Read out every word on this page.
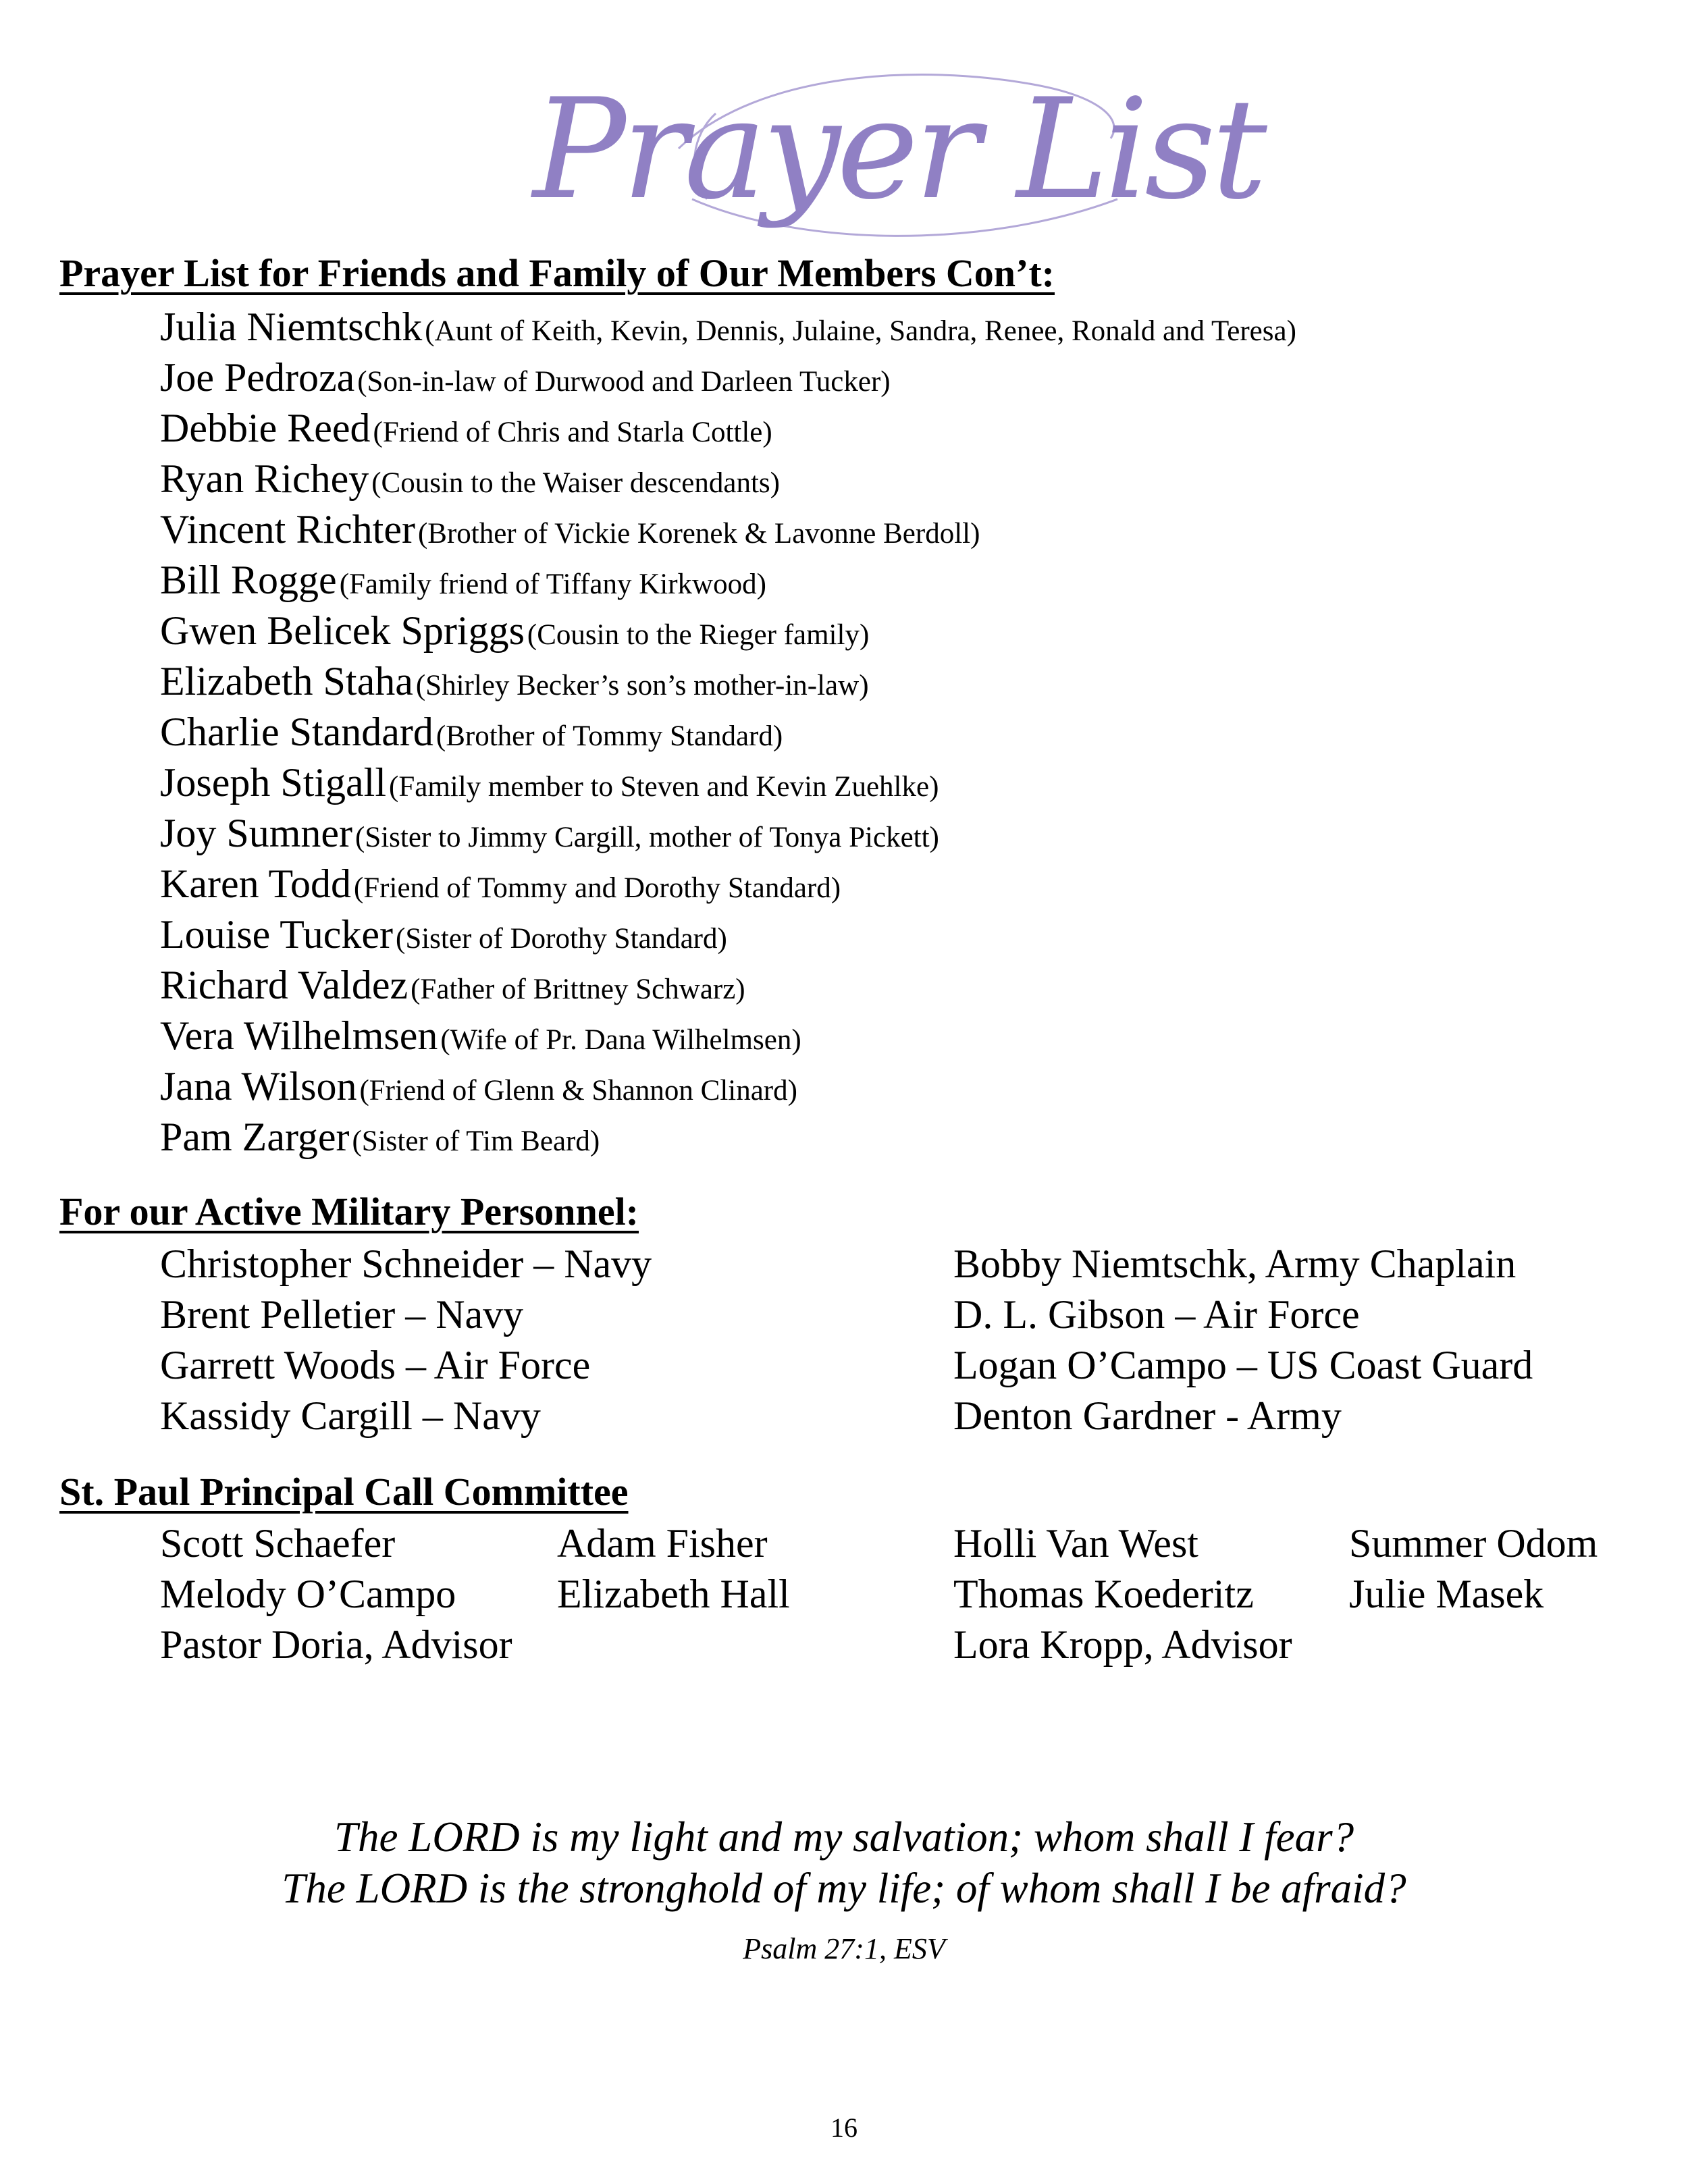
Prayer List
Prayer List for Friends and Family of Our Members Con’t:
Julia Niemtschk (Aunt of Keith, Kevin, Dennis, Julaine, Sandra, Renee, Ronald and Teresa)
Joe Pedroza (Son-in-law of Durwood and Darleen Tucker)
Debbie Reed (Friend of Chris and Starla Cottle)
Ryan Richey (Cousin to the Waiser descendants)
Vincent Richter (Brother of Vickie Korenek & Lavonne Berdoll)
Bill Rogge (Family friend of Tiffany Kirkwood)
Gwen Belicek Spriggs (Cousin to the Rieger family)
Elizabeth Staha (Shirley Becker’s son’s mother-in-law)
Charlie Standard (Brother of Tommy Standard)
Joseph Stigall (Family member to Steven and Kevin Zuehlke)
Joy Sumner (Sister to Jimmy Cargill, mother of Tonya Pickett)
Karen Todd (Friend of Tommy and Dorothy Standard)
Louise Tucker (Sister of Dorothy Standard)
Richard Valdez (Father of Brittney Schwarz)
Vera Wilhelmsen (Wife of Pr. Dana Wilhelmsen)
Jana Wilson (Friend of Glenn & Shannon Clinard)
Pam Zarger (Sister of Tim Beard)
For our Active Military Personnel:
Christopher Schneider – Navy
Brent Pelletier – Navy
Garrett Woods – Air Force
Kassidy Cargill – Navy
Bobby Niemtschk, Army Chaplain
D. L. Gibson – Air Force
Logan O’Campo – US Coast Guard
Denton Gardner - Army
St. Paul Principal Call Committee
Scott Schaefer
Melody O’Campo
Pastor Doria, Advisor
Adam Fisher
Elizabeth Hall
Holli Van West
Thomas Koederitz
Lora Kropp, Advisor
Summer Odom
Julie Masek
The LORD is my light and my salvation; whom shall I fear?
The LORD is the stronghold of my life; of whom shall I be afraid?
Psalm 27:1, ESV
16
